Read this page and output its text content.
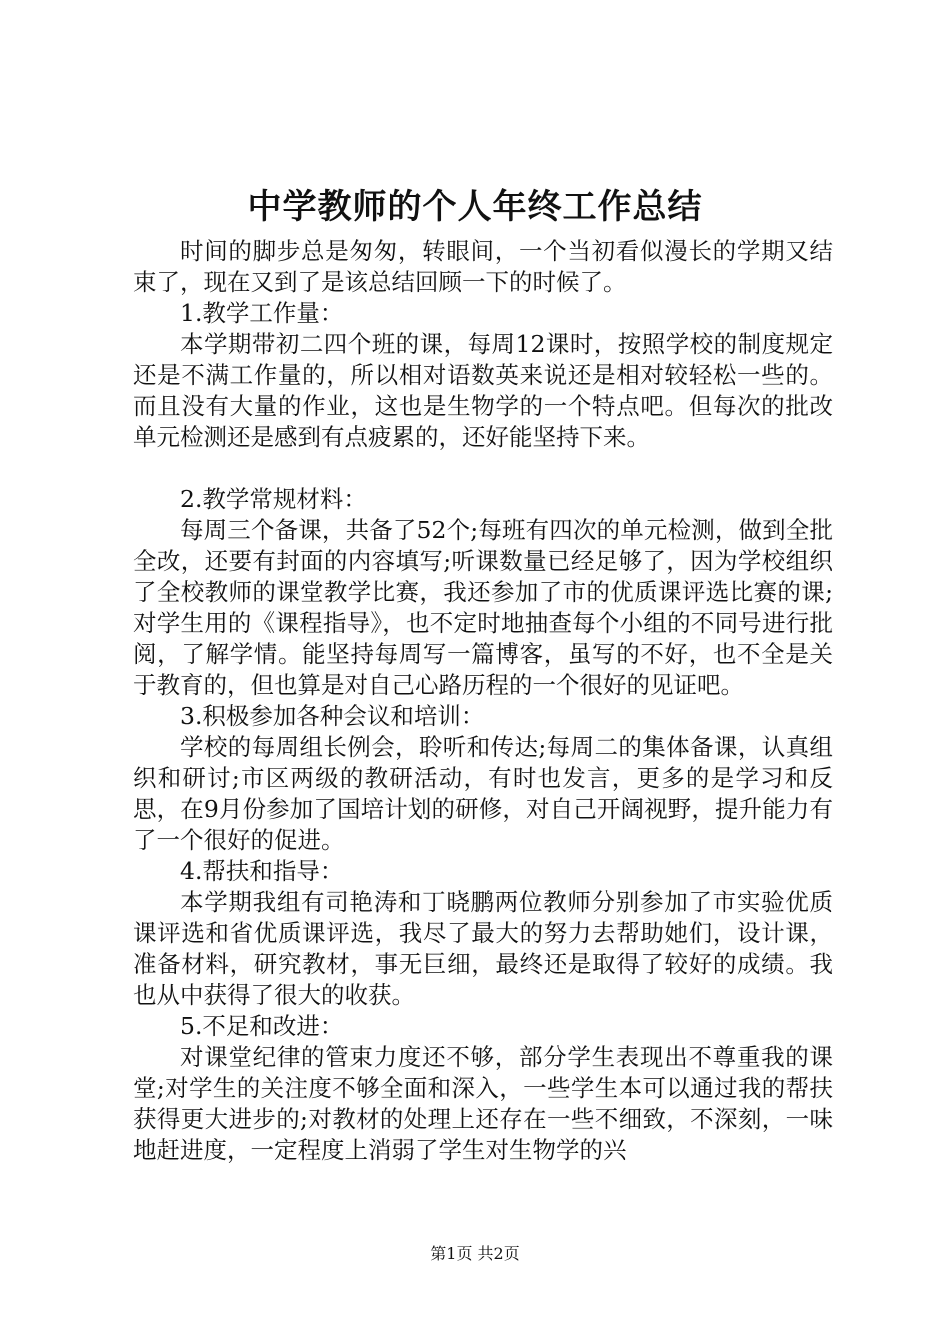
中学教师的个人年终工作总结

时间的脚步总是匆匆，转眼间，一个当初看似漫长的学期又结束了，现在又到了是该总结回顾一下的时候了。

1.教学工作量：

本学期带初二四个班的课，每周12课时，按照学校的制度规定还是不满工作量的，所以相对语数英来说还是相对较轻松一些的。而且没有大量的作业，这也是生物学的一个特点吧。但每次的批改单元检测还是感到有点疲累的，还好能坚持下来。

2.教学常规材料：

每周三个备课，共备了52个;每班有四次的单元检测，做到全批全改，还要有封面的内容填写;听课数量已经足够了，因为学校组织了全校教师的课堂教学比赛，我还参加了市的优质课评选比赛的课;对学生用的《课程指导》，也不定时地抽查每个小组的不同号进行批阅，了解学情。能坚持每周写一篇博客，虽写的不好，也不全是关于教育的，但也算是对自己心路历程的一个很好的见证吧。

3.积极参加各种会议和培训：

学校的每周组长例会，聆听和传达;每周二的集体备课，认真组织和研讨;市区两级的教研活动，有时也发言，更多的是学习和反思，在9月份参加了国培计划的研修，对自己开阔视野，提升能力有了一个很好的促进。

4.帮扶和指导：

本学期我组有司艳涛和丁晓鹏两位教师分别参加了市实验优质课评选和省优质课评选，我尽了最大的努力去帮助她们，设计课，准备材料，研究教材，事无巨细，最终还是取得了较好的成绩。我也从中获得了很大的收获。

5.不足和改进：

对课堂纪律的管束力度还不够，部分学生表现出不尊重我的课堂;对学生的关注度不够全面和深入，一些学生本可以通过我的帮扶获得更大进步的;对教材的处理上还存在一些不细致，不深刻，一味地赶进度，一定程度上消弱了学生对生物学的兴

第1页 共2页
